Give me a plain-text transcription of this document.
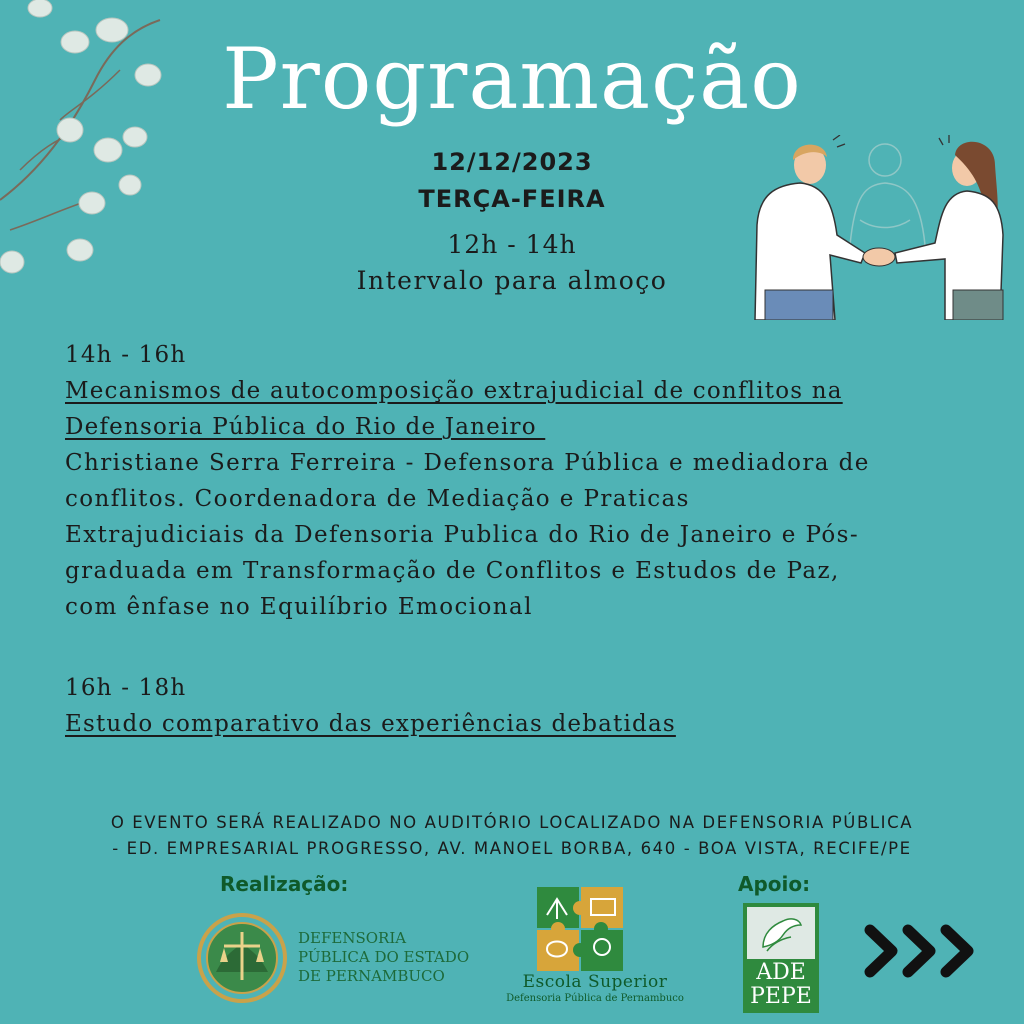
Programação
12/12/2023
TERÇA-FEIRA
12h - 14h
Intervalo para almoço
14h - 16h
Mecanismos de autocomposição extrajudicial de conflitos na
Defensoria Pública do Rio de Janeiro
Christiane Serra Ferreira - Defensora Pública e mediadora de
conflitos. Coordenadora de Mediação e Praticas
Extrajudiciais da Defensoria Publica do Rio de Janeiro e Pós-
graduada em Transformação de Conflitos e Estudos de Paz,
com ênfase no Equilíbrio Emocional
16h - 18h
Estudo comparativo das experiências debatidas
O EVENTO SERÁ REALIZADO NO AUDITÓRIO LOCALIZADO NA DEFENSORIA PÚBLICA
- ED. EMPRESARIAL PROGRESSO, AV. MANOEL BORBA, 640 - BOA VISTA, RECIFE/PE
Realização:	Apoio:
DEFENSORIA
PÚBLICA DO ESTADO
DE PERNAMBUCO	Escola Superior
Defensoria Pública de Pernambuco
ADE
PEPE
